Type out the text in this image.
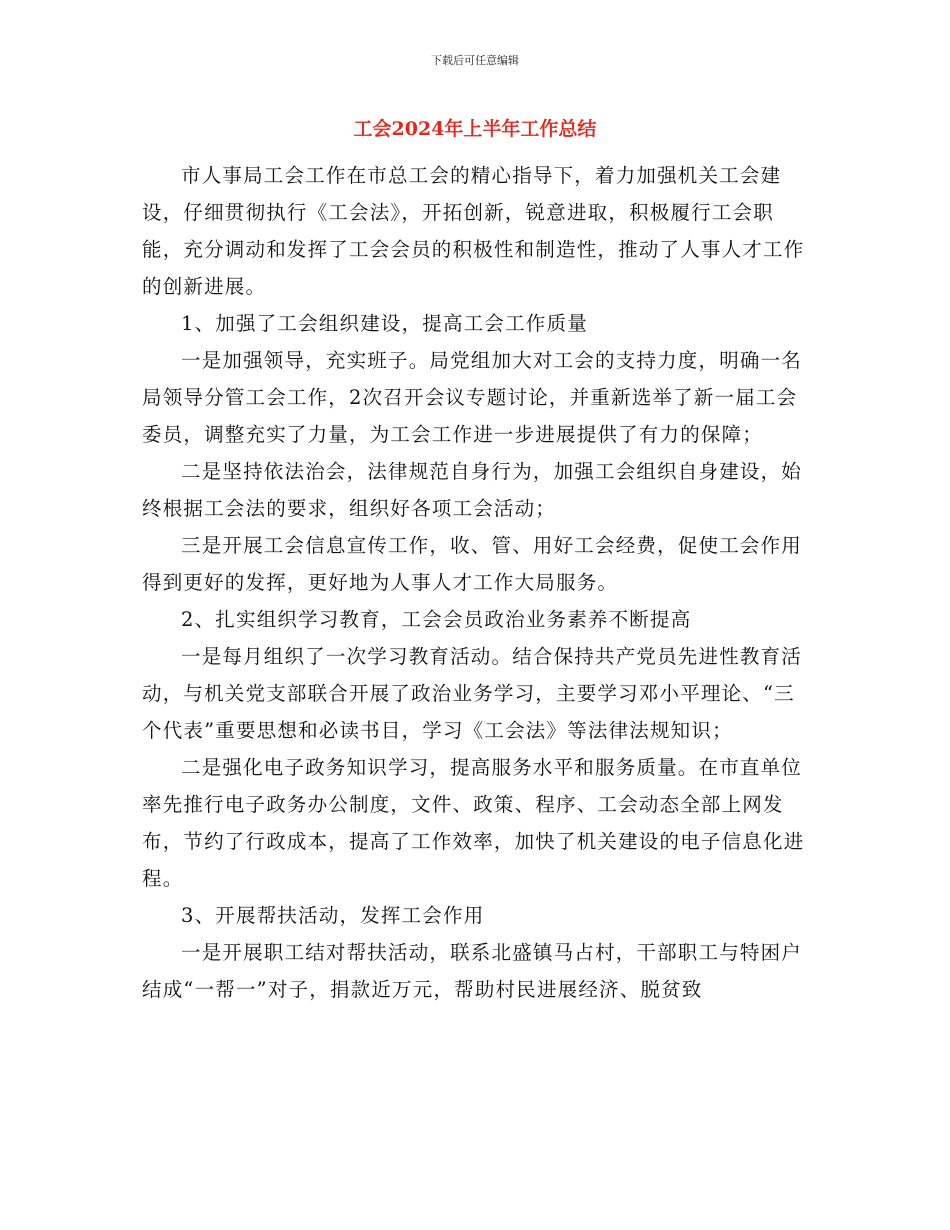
下载后可任意编辑
工会2024年上半年工作总结

市人事局工会工作在市总工会的精心指导下，着力加强机关工会建设，仔细贯彻执行《工会法》，开拓创新，锐意进取，积极履行工会职能，充分调动和发挥了工会会员的积极性和制造性，推动了人事人才工作的创新进展。

1、加强了工会组织建设，提高工会工作质量

一是加强领导，充实班子。局党组加大对工会的支持力度，明确一名局领导分管工会工作，2次召开会议专题讨论，并重新选举了新一届工会委员，调整充实了力量，为工会工作进一步进展提供了有力的保障；

二是坚持依法治会，法律规范自身行为，加强工会组织自身建设，始终根据工会法的要求，组织好各项工会活动；

三是开展工会信息宣传工作，收、管、用好工会经费，促使工会作用得到更好的发挥，更好地为人事人才工作大局服务。

2、扎实组织学习教育，工会会员政治业务素养不断提高

一是每月组织了一次学习教育活动。结合保持共产党员先进性教育活动，与机关党支部联合开展了政治业务学习，主要学习邓小平理论、“三个代表”重要思想和必读书目，学习《工会法》等法律法规知识；

二是强化电子政务知识学习，提高服务水平和服务质量。在市直单位率先推行电子政务办公制度，文件、政策、程序、工会动态全部上网发布，节约了行政成本，提高了工作效率，加快了机关建设的电子信息化进程。

3、开展帮扶活动，发挥工会作用

一是开展职工结对帮扶活动，联系北盛镇马占村，干部职工与特困户结成“一帮一”对子，捐款近万元，帮助村民进展经济、脱贫致
